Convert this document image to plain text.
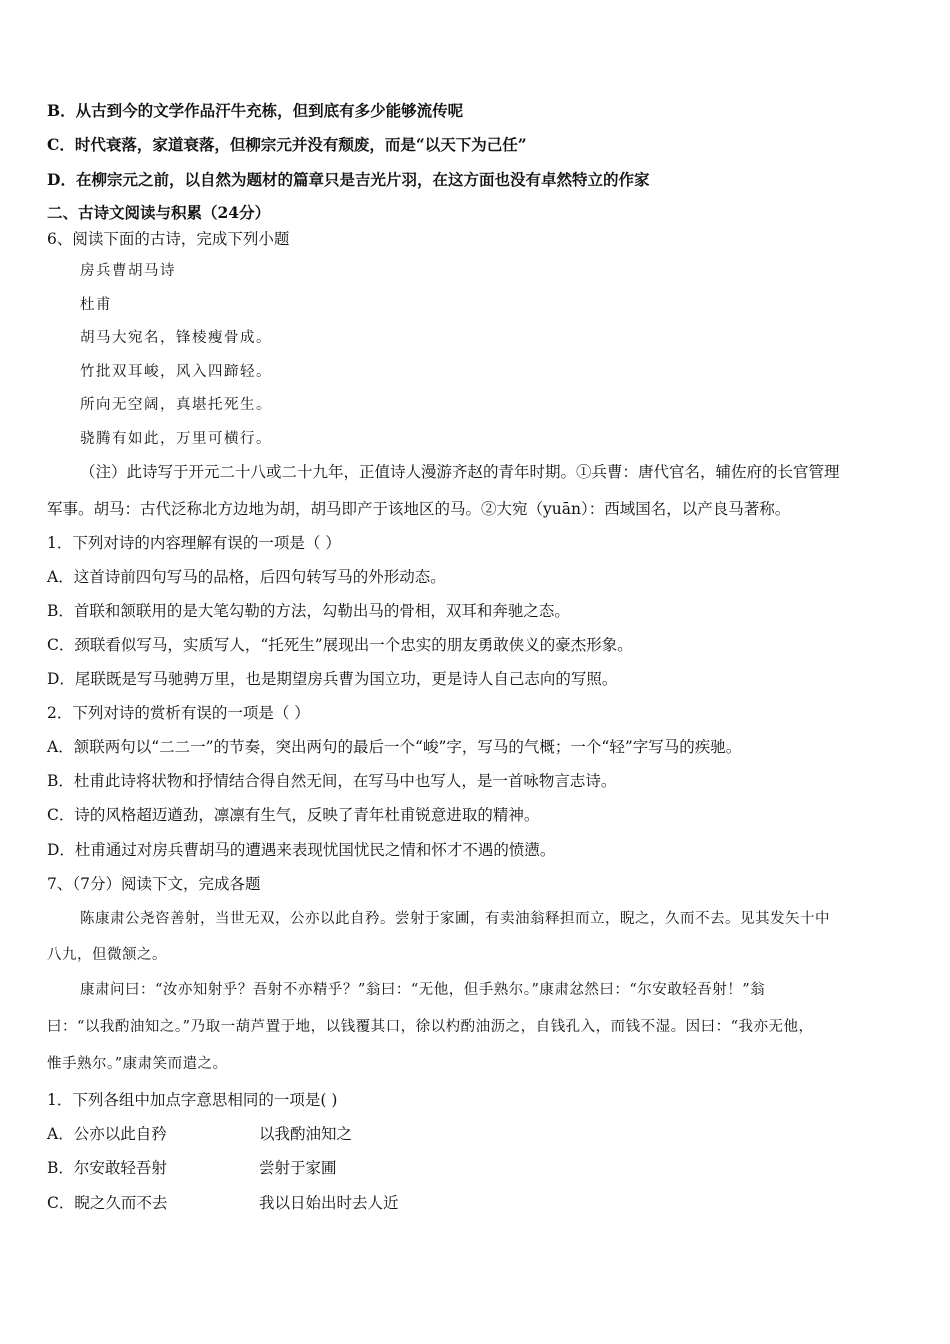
B．从古到今的文学作品汗牛充栋，但到底有多少能够流传呢
C．时代衰落，家道衰落，但柳宗元并没有颓废，而是“以天下为己任”
D．在柳宗元之前，以自然为题材的篇章只是吉光片羽，在这方面也没有卓然特立的作家
二、古诗文阅读与积累（24分）
6、阅读下面的古诗，完成下列小题
房兵曹胡马诗
杜甫
胡马大宛名，锋棱瘦骨成。
竹批双耳峻，风入四蹄轻。
所向无空阔，真堪托死生。
骁腾有如此，万里可横行。
（注）此诗写于开元二十八或二十九年，正值诗人漫游齐赵的青年时期。①兵曹：唐代官名，辅佐府的长官管理
军事。胡马：古代泛称北方边地为胡，胡马即产于该地区的马。②大宛（yuān）：西域国名，以产良马著称。
1．下列对诗的内容理解有误的一项是（ ）
A．这首诗前四句写马的品格，后四句转写马的外形动态。
B．首联和颔联用的是大笔勾勒的方法，勾勒出马的骨相，双耳和奔驰之态。
C．颈联看似写马，实质写人，“托死生”展现出一个忠实的朋友勇敢侠义的豪杰形象。
D．尾联既是写马驰骋万里，也是期望房兵曹为国立功，更是诗人自己志向的写照。
2．下列对诗的赏析有误的一项是（ ）
A．颔联两句以“二二一”的节奏，突出两句的最后一个“峻”字，写马的气概；一个“轻”字写马的疾驰。
B．杜甫此诗将状物和抒情结合得自然无间，在写马中也写人，是一首咏物言志诗。
C．诗的风格超迈遒劲，凛凛有生气，反映了青年杜甫锐意进取的精神。
D．杜甫通过对房兵曹胡马的遭遇来表现忧国忧民之情和怀才不遇的愤懑。
7、（7分）阅读下文，完成各题
陈康肃公尧咨善射，当世无双，公亦以此自矜。尝射于家圃，有卖油翁释担而立，睨之，久而不去。见其发矢十中
八九，但微颔之。
康肃问曰：“汝亦知射乎？吾射不亦精乎？”翁曰：“无他，但手熟尔。”康肃忿然曰：“尔安敢轻吾射！”翁
曰：“以我酌油知之。”乃取一葫芦置于地，以钱覆其口，徐以杓酌油沥之，自钱孔入，而钱不湿。因曰：“我亦无他，
惟手熟尔。”康肃笑而遣之。
1．下列各组中加点字意思相同的一项是( )
A．公亦以此自矜	以我酌油知之
B．尔安敢轻吾射	尝射于家圃
C．睨之久而不去	我以日始出时去人近
